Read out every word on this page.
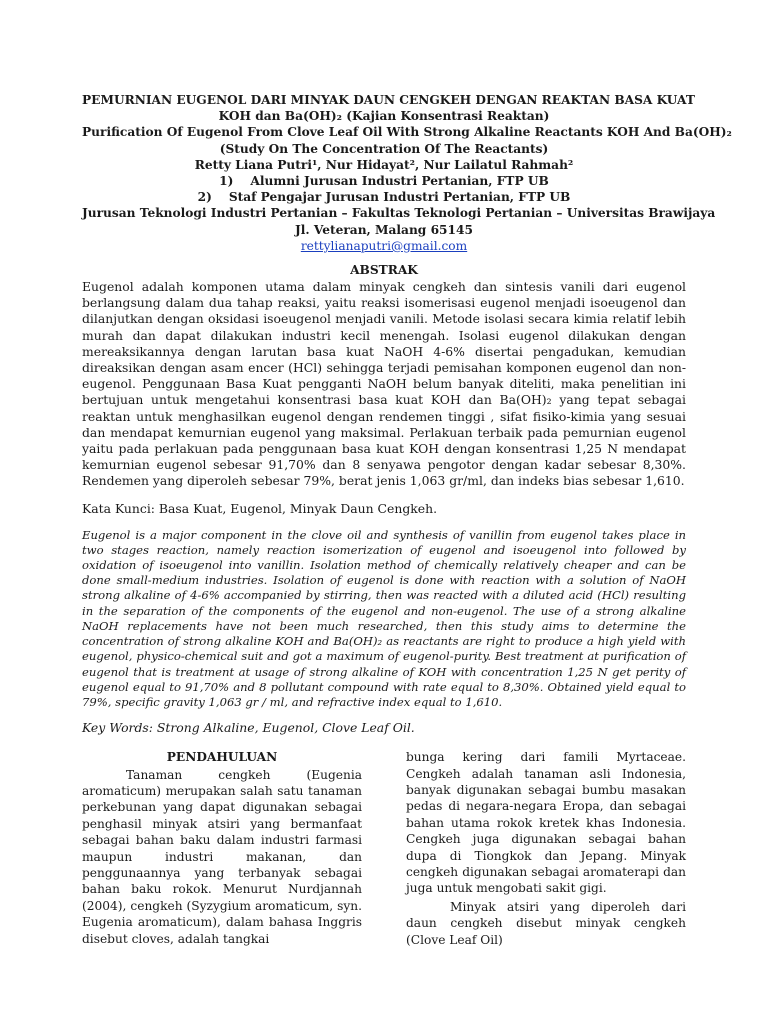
PEMURNIAN EUGENOL DARI MINYAK DAUN CENGKEH DENGAN REAKTAN BASA KUAT
KOH dan Ba(OH)₂ (Kajian Konsentrasi Reaktan)
Purification Of Eugenol From Clove Leaf Oil With Strong Alkaline Reactants KOH And Ba(OH)₂
(Study On The Concentration Of The Reactants)
Retty Liana Putri¹, Nur Hidayat², Nur Lailatul Rahmah²
1)    Alumni Jurusan Industri Pertanian, FTP UB
2)    Staf Pengajar Jurusan Industri Pertanian, FTP UB
Jurusan Teknologi Industri Pertanian – Fakultas Teknologi Pertanian – Universitas Brawijaya
Jl. Veteran, Malang 65145
rettylianaputri@gmail.com
ABSTRAK

Eugenol adalah komponen utama dalam minyak cengkeh dan sintesis vanili dari eugenol berlangsung dalam dua tahap reaksi, yaitu reaksi isomerisasi eugenol menjadi isoeugenol dan dilanjutkan dengan oksidasi isoeugenol menjadi vanili. Metode isolasi secara kimia relatif lebih murah dan dapat dilakukan industri kecil menengah. Isolasi eugenol dilakukan dengan mereaksikannya dengan larutan basa kuat NaOH 4-6% disertai pengadukan, kemudian direaksikan dengan asam encer (HCl) sehingga terjadi pemisahan komponen eugenol dan non-eugenol. Penggunaan Basa Kuat pengganti NaOH belum banyak diteliti, maka penelitian ini bertujuan untuk mengetahui konsentrasi basa kuat KOH dan Ba(OH)₂ yang tepat sebagai reaktan untuk menghasilkan eugenol dengan rendemen tinggi , sifat fisiko-kimia yang sesuai dan mendapat kemurnian eugenol yang maksimal. Perlakuan terbaik pada pemurnian eugenol yaitu pada perlakuan pada penggunaan basa kuat KOH dengan konsentrasi 1,25 N mendapat kemurnian eugenol sebesar 91,70% dan 8 senyawa pengotor dengan kadar sebesar 8,30%. Rendemen yang diperoleh sebesar 79%, berat jenis 1,063 gr/ml, dan indeks bias sebesar 1,610.

Kata Kunci: Basa Kuat, Eugenol, Minyak Daun Cengkeh.

Eugenol is a major component in the clove oil and synthesis of vanillin from eugenol takes place in two stages reaction, namely reaction isomerization of eugenol and isoeugenol into followed by oxidation of isoeugenol into vanillin. Isolation method of chemically relatively cheaper and can be done small-medium industries. Isolation of eugenol is done with reaction with a solution of NaOH strong alkaline of 4-6% accompanied by stirring, then was reacted with a diluted acid (HCl) resulting in the separation of the components of the eugenol and non-eugenol. The use of a strong alkaline NaOH replacements have not been much researched, then this study aims to determine the concentration of strong alkaline KOH and Ba(OH)₂ as reactants are right to produce a high yield with eugenol, physico-chemical suit and got a maximum of eugenol-purity. Best treatment at purification of eugenol that is treatment at usage of strong alkaline of KOH with concentration 1,25 N get perity of eugenol equal to 91,70% and 8 pollutant compound with rate equal to 8,30%. Obtained yield equal to 79%, specific gravity 1,063 gr / ml, and refractive index equal to 1,610.

Key Words: Strong Alkaline, Eugenol, Clove Leaf Oil.
PENDAHULUAN

Tanaman cengkeh (Eugenia aromaticum) merupakan salah satu tanaman perkebunan yang dapat digunakan sebagai penghasil minyak atsiri yang bermanfaat sebagai bahan baku dalam industri farmasi maupun industri makanan, dan penggunaannya yang terbanyak sebagai bahan baku rokok. Menurut Nurdjannah (2004), cengkeh (Syzygium aromaticum, syn. Eugenia aromaticum), dalam bahasa Inggris disebut cloves, adalah tangkai

bunga kering dari famili Myrtaceae. Cengkeh adalah tanaman asli Indonesia, banyak digunakan sebagai bumbu masakan pedas di negara-negara Eropa, dan sebagai bahan utama rokok kretek khas Indonesia. Cengkeh juga digunakan sebagai bahan dupa di Tiongkok dan Jepang. Minyak cengkeh digunakan sebagai aromaterapi dan juga untuk mengobati sakit gigi.

Minyak atsiri yang diperoleh dari daun cengkeh disebut minyak cengkeh (Clove Leaf Oil)
